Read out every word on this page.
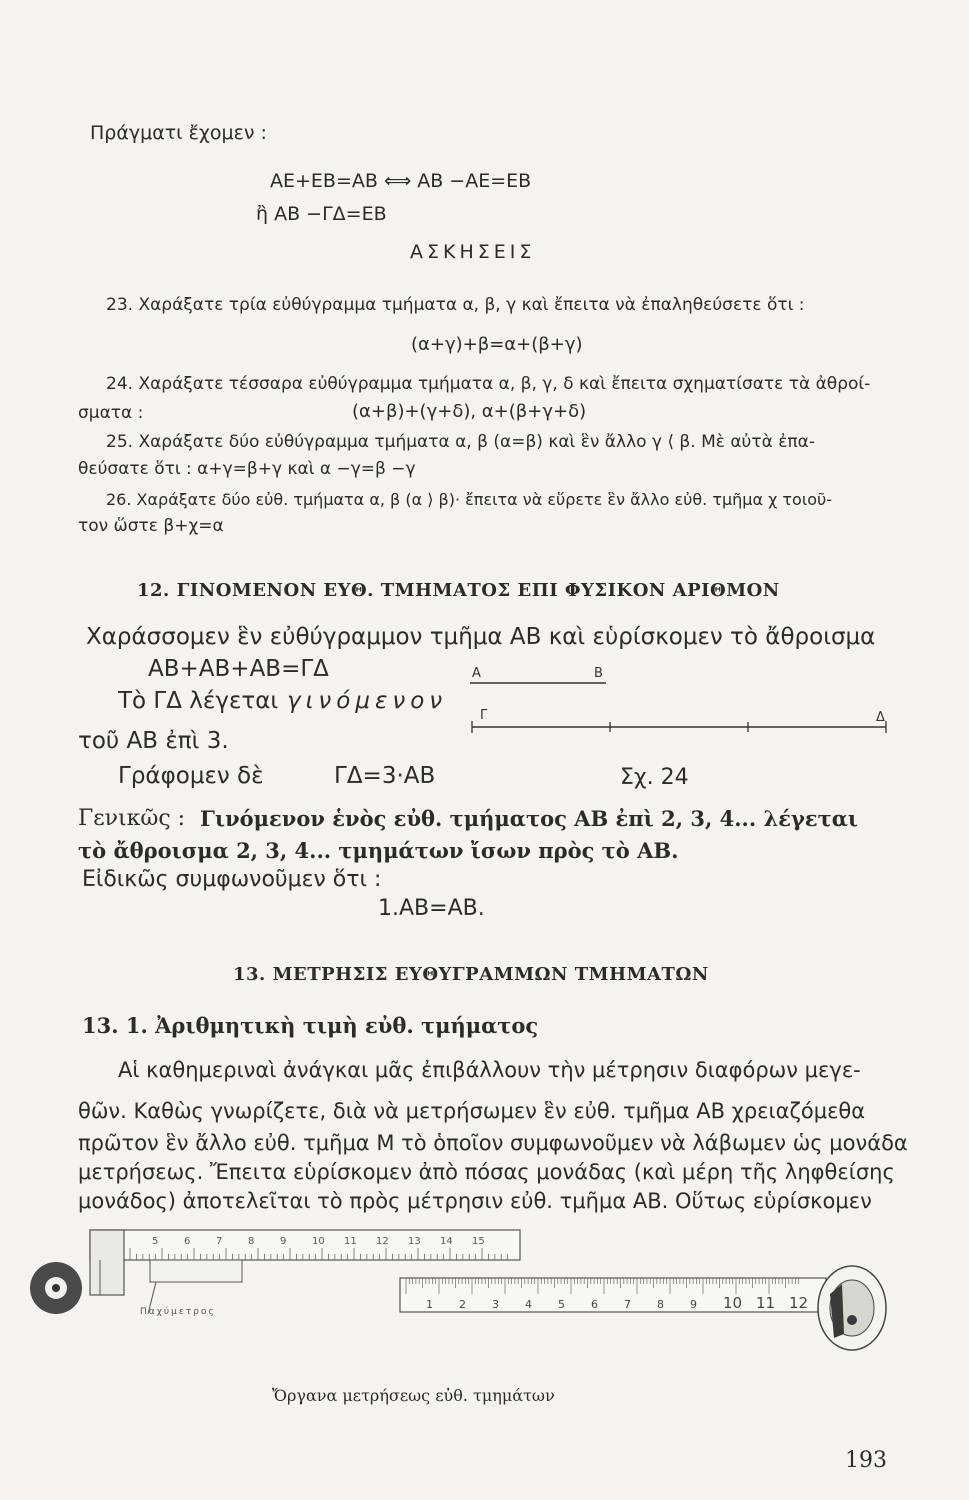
Πράγματι ἔχομεν :
ΑΕ+ΕΒ=ΑΒ ⟺ ΑΒ −ΑΕ=ΕΒ
ἢ ΑΒ −ΓΔ=ΕΒ
ΑΣΚΗΣΕΙΣ
23. Χαράξατε τρία εὐθύγραμμα τμήματα α, β, γ καὶ ἔπειτα νὰ ἐπαληθεύσετε ὅτι :
(α+γ)+β=α+(β+γ)
24. Χαράξατε τέσσαρα εὐθύγραμμα τμήματα α, β, γ, δ καὶ ἔπειτα σχηματίσατε τὰ ἀθροί-
σματα :	(α+β)+(γ+δ), α+(β+γ+δ)
25. Χαράξατε δύο εὐθύγραμμα τμήματα α, β (α=β) καὶ ἓν ἄλλο γ ⟨ β. Μὲ αὐτὰ ἐπα-
θεύσατε ὅτι : α+γ=β+γ καὶ α −γ=β −γ
26. Χαράξατε δύο εὐθ. τμήματα α, β (α ⟩ β)· ἔπειτα νὰ εὕρετε ἓν ἄλλο εὐθ. τμῆμα χ τοιοῦ-
τον ὥστε β+χ=α
12. ΓΙΝΟΜΕΝΟΝ ΕΥΘ. ΤΜΗΜΑΤΟΣ ΕΠΙ ΦΥΣΙΚΟΝ ΑΡΙΘΜΟΝ
Χαράσσομεν ἓν εὐθύγραμμον τμῆμα ΑΒ καὶ εὑρίσκομεν τὸ ἄθροισμα
ΑΒ+ΑΒ+ΑΒ=ΓΔ
Τὸ ΓΔ λέγεται γινόμενον
τοῦ ΑΒ ἐπὶ 3.
Γράφομεν δὲ	ΓΔ=3·ΑΒ	Σχ. 24
Α	Β
Γ	Δ
Γενικῶς : Γινόμενον ἑνὸς εὐθ. τμήματος ΑΒ ἐπὶ 2, 3, 4... λέγεται
τὸ ἄθροισμα 2, 3, 4... τμημάτων ἴσων πρὸς τὸ ΑΒ.
Εἰδικῶς συμφωνοῦμεν ὅτι :
1.ΑΒ=ΑΒ.
13. ΜΕΤΡΗΣΙΣ ΕΥΘΥΓΡΑΜΜΩΝ ΤΜΗΜΑΤΩΝ
13. 1. Ἀριθμητικὴ τιμὴ εὐθ. τμήματος
Αἱ καθημεριναὶ ἀνάγκαι μᾶς ἐπιβάλλουν τὴν μέτρησιν διαφόρων μεγε-
θῶν. Καθὼς γνωρίζετε, διὰ νὰ μετρήσωμεν ἓν εὐθ. τμῆμα ΑΒ χρειαζόμεθα
πρῶτον ἓν ἄλλο εὐθ. τμῆμα Μ τὸ ὁποῖον συμφωνοῦμεν νὰ λάβωμεν ὡς μονάδα
μετρήσεως. Ἔπειτα εὑρίσκομεν ἀπὸ πόσας μονάδας (καὶ μέρη τῆς ληφθείσης
μονάδος) ἀποτελεῖται τὸ πρὸς μέτρησιν εὐθ. τμῆμα ΑΒ. Οὕτως εὑρίσκομεν
5	6	7	8	9	10 11 12 13 14 15
Παχύμετρος
1 2 3 4 5 6 7 8 9 10 11 12
Ὄργανα μετρήσεως εὐθ. τμημάτων
193
